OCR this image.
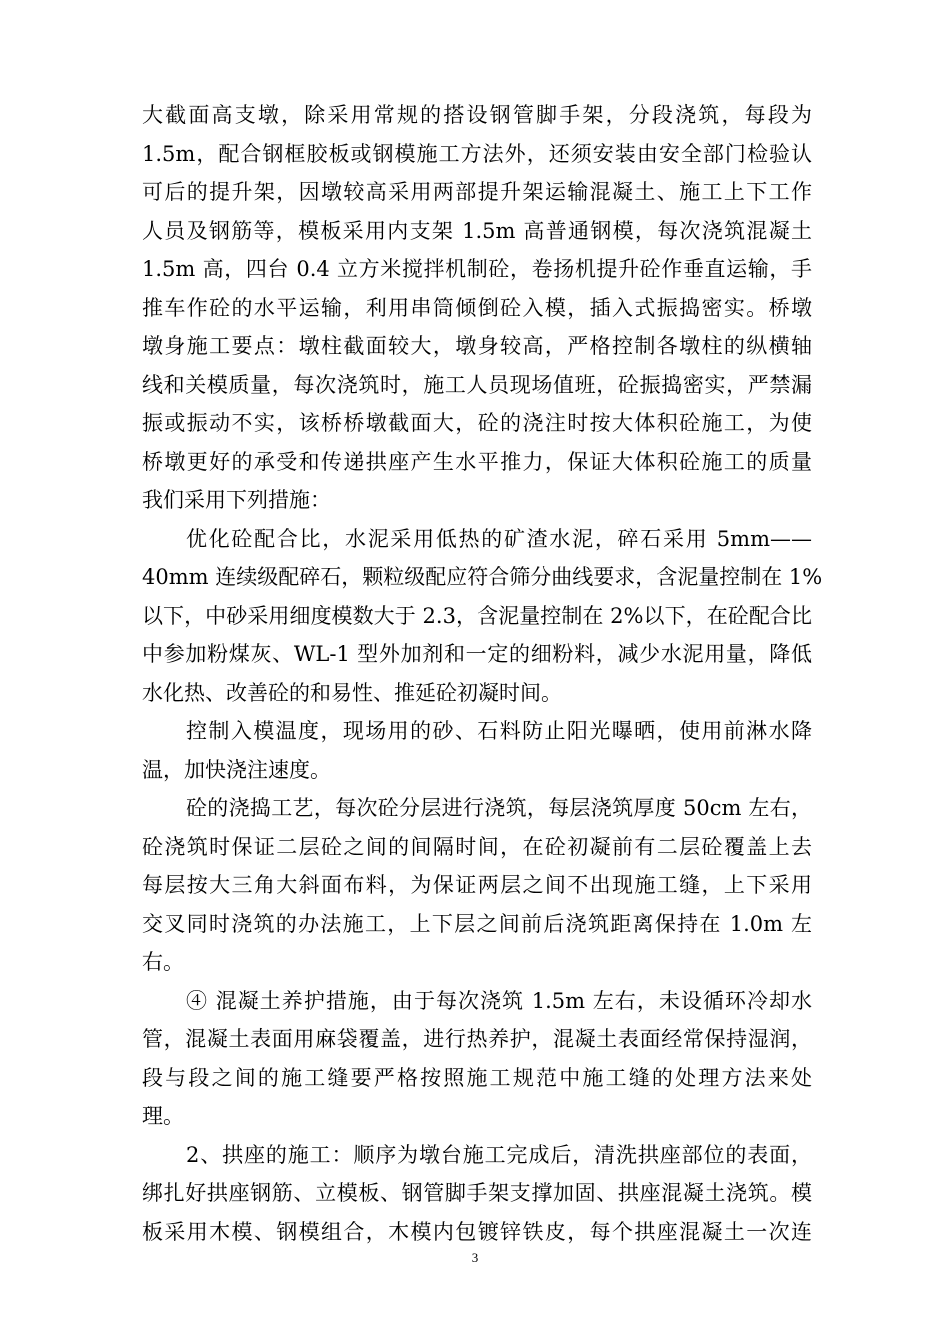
大截面高支墩，除采用常规的搭设钢管脚手架，分段浇筑，每段为
1.5m，配合钢框胶板或钢模施工方法外，还须安装由安全部门检验认
可后的提升架，因墩较高采用两部提升架运输混凝土、施工上下工作
人员及钢筋等，模板采用内支架 1.5m 高普通钢模，每次浇筑混凝土
1.5m 高，四台 0.4 立方米搅拌机制砼，卷扬机提升砼作垂直运输，手
推车作砼的水平运输，利用串筒倾倒砼入模，插入式振捣密实。桥墩
墩身施工要点：墩柱截面较大，墩身较高，严格控制各墩柱的纵横轴
线和关模质量，每次浇筑时，施工人员现场值班，砼振捣密实，严禁漏
振或振动不实，该桥桥墩截面大，砼的浇注时按大体积砼施工，为使
桥墩更好的承受和传递拱座产生水平推力，保证大体积砼施工的质量
我们采用下列措施：
优化砼配合比，水泥采用低热的矿渣水泥，碎石采用 5mm——
40mm 连续级配碎石，颗粒级配应符合筛分曲线要求，含泥量控制在 1%
以下，中砂采用细度模数大于 2.3，含泥量控制在 2%以下，在砼配合比
中参加粉煤灰、WL-1 型外加剂和一定的细粉料，减少水泥用量，降低
水化热、改善砼的和易性、推延砼初凝时间。
控制入模温度，现场用的砂、石料防止阳光曝晒，使用前淋水降
温，加快浇注速度。
砼的浇捣工艺，每次砼分层进行浇筑，每层浇筑厚度 50cm 左右，
砼浇筑时保证二层砼之间的间隔时间，在砼初凝前有二层砼覆盖上去
每层按大三角大斜面布料，为保证两层之间不出现施工缝，上下采用
交叉同时浇筑的办法施工，上下层之间前后浇筑距离保持在 1.0m 左
右。
④ 混凝土养护措施，由于每次浇筑 1.5m 左右，未设循环冷却水
管，混凝土表面用麻袋覆盖，进行热养护，混凝土表面经常保持湿润，
段与段之间的施工缝要严格按照施工规范中施工缝的处理方法来处
理。
2、拱座的施工：顺序为墩台施工完成后，清洗拱座部位的表面，
绑扎好拱座钢筋、立模板、钢管脚手架支撑加固、拱座混凝土浇筑。模
板采用木模、钢模组合，木模内包镀锌铁皮，每个拱座混凝土一次连
3
